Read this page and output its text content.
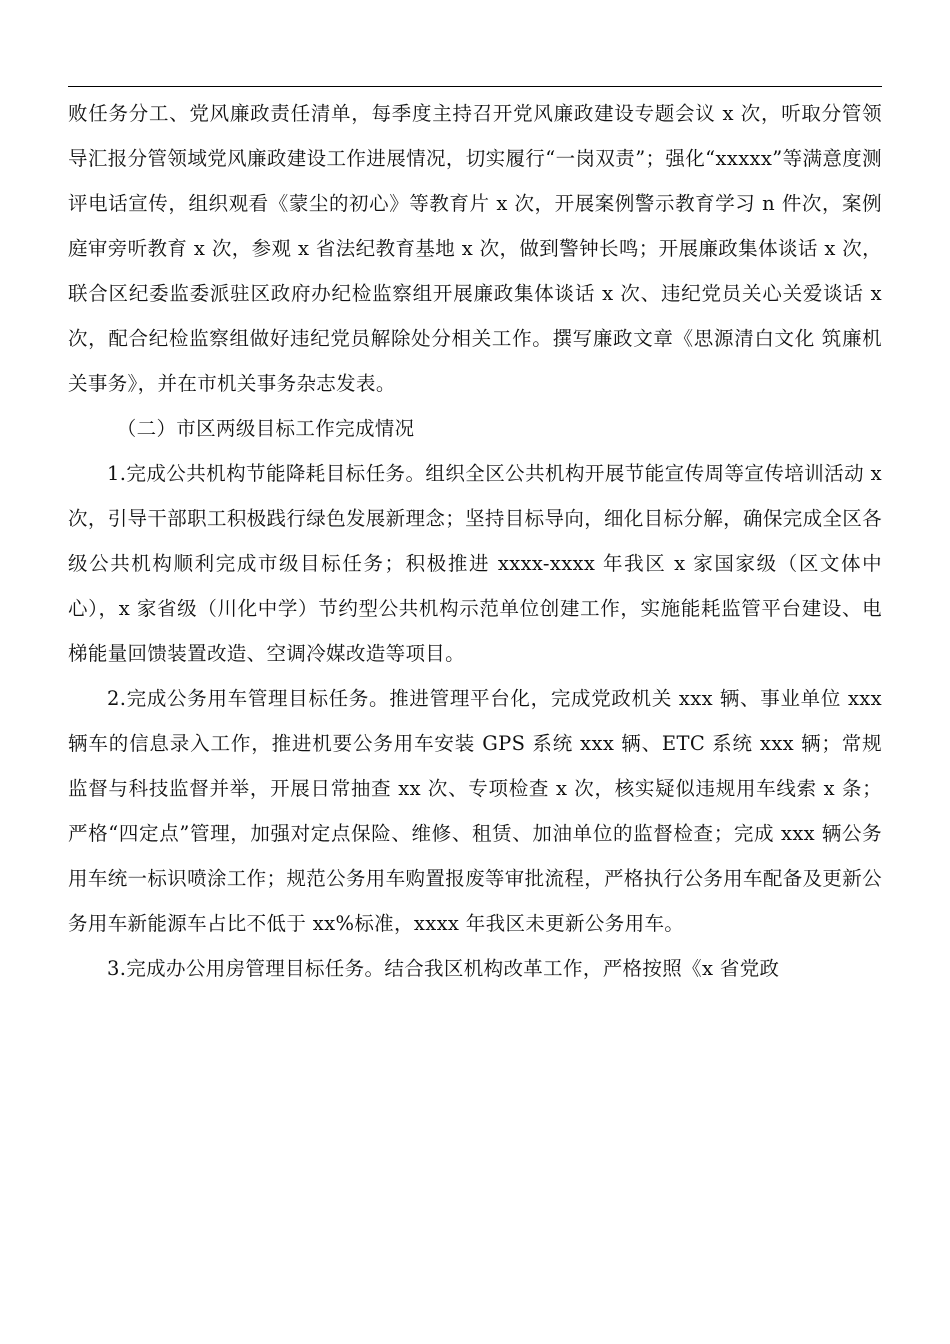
败任务分工、党风廉政责任清单，每季度主持召开党风廉政建设专题会议 x 次，听取分管领导汇报分管领域党风廉政建设工作进展情况，切实履行“一岗双责”；强化“xxxxx”等满意度测评电话宣传，组织观看《蒙尘的初心》等教育片 x 次，开展案例警示教育学习 n 件次，案例庭审旁听教育 x 次，参观 x 省法纪教育基地 x 次，做到警钟长鸣；开展廉政集体谈话 x 次，联合区纪委监委派驻区政府办纪检监察组开展廉政集体谈话 x 次、违纪党员关心关爱谈话 x 次，配合纪检监察组做好违纪党员解除处分相关工作。撰写廉政文章《思源清白文化 筑廉机关事务》，并在市机关事务杂志发表。

（二）市区两级目标工作完成情况

1.完成公共机构节能降耗目标任务。组织全区公共机构开展节能宣传周等宣传培训活动 x 次，引导干部职工积极践行绿色发展新理念；坚持目标导向，细化目标分解，确保完成全区各级公共机构顺利完成市级目标任务；积极推进 xxxx-xxxx 年我区 x 家国家级（区文体中心），x 家省级（川化中学）节约型公共机构示范单位创建工作，实施能耗监管平台建设、电梯能量回馈装置改造、空调冷媒改造等项目。

2.完成公务用车管理目标任务。推进管理平台化，完成党政机关 xxx 辆、事业单位 xxx 辆车的信息录入工作，推进机要公务用车安装 GPS 系统 xxx 辆、ETC 系统 xxx 辆；常规监督与科技监督并举，开展日常抽查 xx 次、专项检查 x 次，核实疑似违规用车线索 x 条；严格“四定点”管理，加强对定点保险、维修、租赁、加油单位的监督检查；完成 xxx 辆公务用车统一标识喷涂工作；规范公务用车购置报废等审批流程，严格执行公务用车配备及更新公务用车新能源车占比不低于 xx%标准，xxxx 年我区未更新公务用车。

3.完成办公用房管理目标任务。结合我区机构改革工作，严格按照《x 省党政
